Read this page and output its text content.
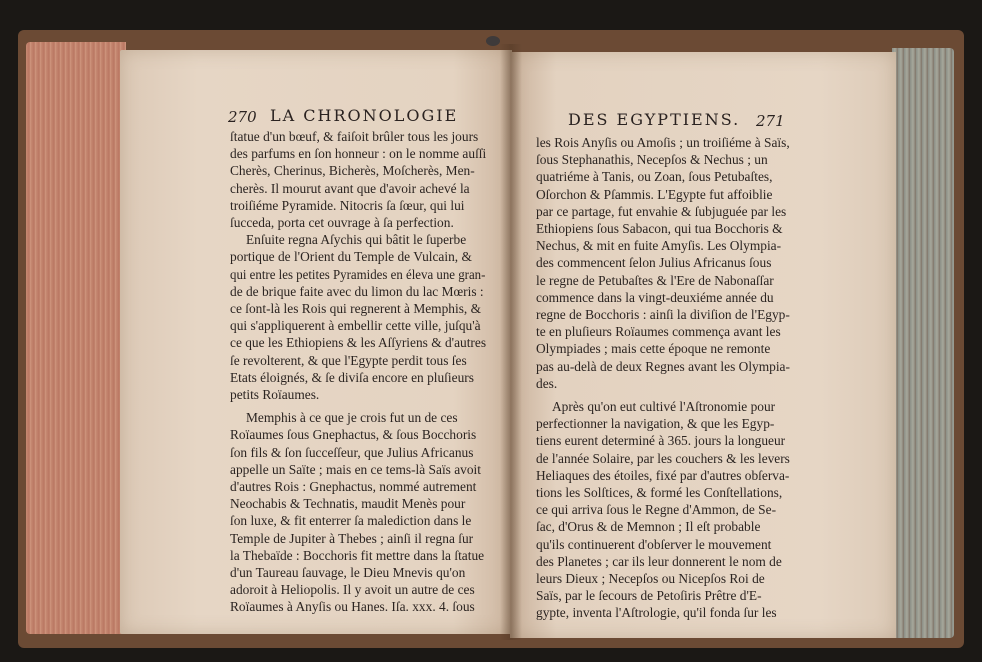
270 LA CHRONOLOGIE
ſtatue d'un bœuf, & faiſoit brûler tous les jours
des parfums en ſon honneur : on le nomme auſſi
Cherès, Cherinus, Bicherès, Moſcherès, Men-
cherès. Il mourut avant que d'avoir achevé la
troiſiéme Pyramide. Nitocris ſa ſœur, qui lui
ſucceda, porta cet ouvrage à ſa perfection.
Enſuite regna Aſychis qui bâtit le ſuperbe
portique de l'Orient du Temple de Vulcain, &
qui entre les petites Pyramides en éleva une gran-
de de brique faite avec du limon du lac Mœris :
ce ſont-là les Rois qui regnerent à Memphis, &
qui s'appliquerent à embellir cette ville, juſqu'à
ce que les Ethiopiens & les Aſſyriens & d'autres
ſe revolterent, & que l'Egypte perdit tous ſes
Etats éloignés, & ſe diviſa encore en pluſieurs
petits Roïaumes.
Memphis à ce que je crois fut un de ces
Roïaumes ſous Gnephactus, & ſous Bocchoris
ſon fils & ſon ſucceſſeur, que Julius Africanus
appelle un Saïte ; mais en ce tems-là Saïs avoit
d'autres Rois : Gnephactus, nommé autrement
Neochabis & Technatis, maudit Menès pour
ſon luxe, & fit enterrer ſa malediction dans le
Temple de Jupiter à Thebes ; ainſi il regna ſur
la Thebaïde : Bocchoris fit mettre dans la ſtatue
d'un Taureau ſauvage, le Dieu Mnevis qu'on
adoroit à Heliopolis. Il y avoit un autre de ces
Roïaumes à Anyſis ou Hanes. Iſa. xxx. 4. ſous
DES EGYPTIENS. 271
les Rois Anyſis ou Amoſis ; un troiſiéme à Saïs,
ſous Stephanathis, Necepſos & Nechus ; un
quatriéme à Tanis, ou Zoan, ſous Petubaſtes,
Oſorchon & Pſammis. L'Egypte fut affoiblie
par ce partage, fut envahie & ſubjuguée par les
Ethiopiens ſous Sabacon, qui tua Bocchoris &
Nechus, & mit en fuite Amyſis. Les Olympia-
des commencent ſelon Julius Africanus ſous
le regne de Petubaſtes & l'Ere de Nabonaſſar
commence dans la vingt-deuxiéme année du
regne de Bocchoris : ainſi la diviſion de l'Egyp-
te en pluſieurs Roïaumes commença avant les
Olympiades ; mais cette époque ne remonte
pas au-delà de deux Regnes avant les Olympia-
des.
Après qu'on eut cultivé l'Aſtronomie pour
perfectionner la navigation, & que les Egyp-
tiens eurent determiné à 365. jours la longueur
de l'année Solaire, par les couchers & les levers
Heliaques des étoiles, fixé par d'autres obſerva-
tions les Solſtices, & formé les Conſtellations,
ce qui arriva ſous le Regne d'Ammon, de Se-
ſac, d'Orus & de Memnon ; Il eſt probable
qu'ils continuerent d'obſerver le mouvement
des Planetes ; car ils leur donnerent le nom de
leurs Dieux ; Necepſos ou Nicepſos Roi de
Saïs, par le ſecours de Petoſiris Prêtre d'E-
gypte, inventa l'Aſtrologie, qu'il fonda ſur les
